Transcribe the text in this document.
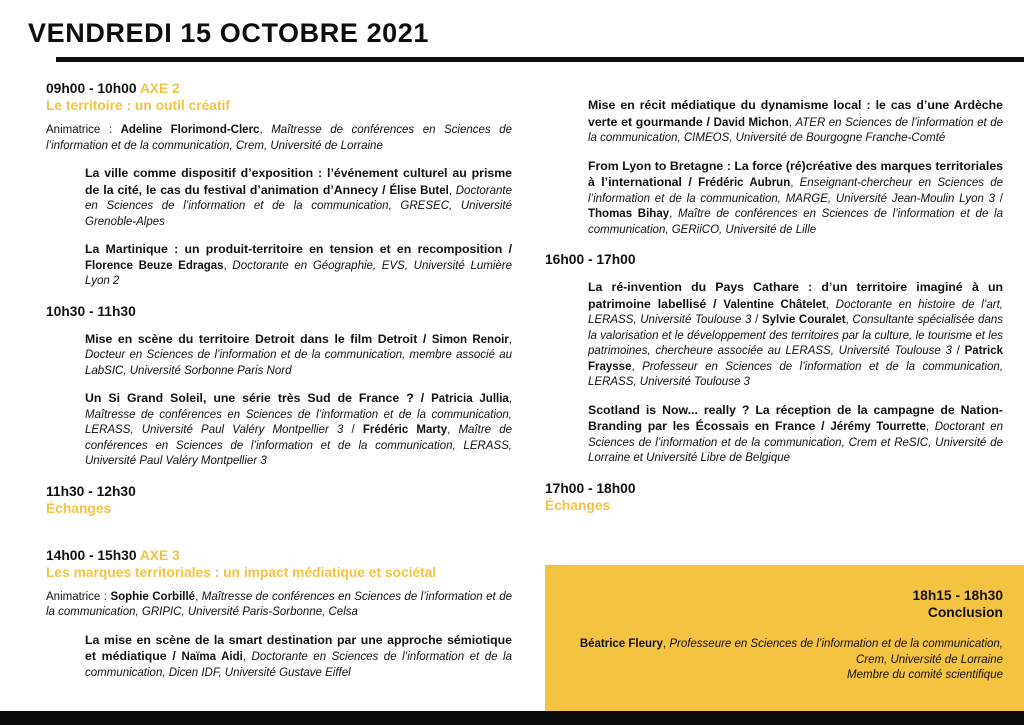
VENDREDI 15 OCTOBRE 2021
09h00 - 10h00 AXE 2
Le territoire : un outil créatif

Animatrice : Adeline Florimond-Clerc, Maîtresse de conférences en Sciences de l’information et de la communication, Crem, Université de Lorraine

La ville comme dispositif d’exposition : l’événement culturel au prisme de la cité, le cas du festival d’animation d’Annecy / Élise Butel, Doctorante en Sciences de l’information et de la communication, GRESEC, Université Grenoble-Alpes

La Martinique : un produit-territoire en tension et en recomposition / Florence Beuze Edragas, Doctorante en Géographie, EVS, Université Lumière Lyon 2

10h30 - 11h30

Mise en scène du territoire Detroit dans le film Detroit / Simon Renoir, Docteur en Sciences de l’information et de la communication, membre associé au LabSIC, Université Sorbonne Paris Nord

Un Si Grand Soleil, une série très Sud de France ? / Patricia Jullia, Maîtresse de conférences en Sciences de l’information et de la communication, LERASS, Université Paul Valéry Montpellier 3 / Frédéric Marty, Maître de conférences en Sciences de l’information et de la communication, LERASS, Université Paul Valéry Montpellier 3

11h30 - 12h30
Échanges
14h00 - 15h30 AXE 3
Les marques territoriales : un impact médiatique et sociétal

Animatrice : Sophie Corbillé, Maîtresse de conférences en Sciences de l’information et de la communication, GRIPIC, Université Paris-Sorbonne, Celsa

La mise en scène de la smart destination par une approche sémiotique et médiatique / Naïma Aidi, Doctorante en Sciences de l’information et de la communication, Dicen IDF, Université Gustave Eiffel

Mise en récit médiatique du dynamisme local : le cas d’une Ardèche verte et gourmande / David Michon, ATER en Sciences de l’information et de la communication, CIMEOS, Université de Bourgogne Franche-Comté

From Lyon to Bretagne : La force (ré)créative des marques territoriales à l’international / Frédéric Aubrun, Enseignant-chercheur en Sciences de l’information et de la communication, MARGE, Université Jean-Moulin Lyon 3 / Thomas Bihay, Maître de conférences en Sciences de l’information et de la communication, GERiiCO, Université de Lille

16h00 - 17h00

La ré-invention du Pays Cathare : d’un territoire imaginé à un patrimoine labellisé / Valentine Châtelet, Doctorante en histoire de l’art, LERASS, Université Toulouse 3 / Sylvie Couralet, Consultante spécialisée dans la valorisation et le développement des territoires par la culture, le tourisme et les patrimoines, chercheure associée au LERASS, Université Toulouse 3 / Patrick Fraysse, Professeur en Sciences de l’information et de la communication, LERASS, Université Toulouse 3

Scotland is Now... really ? La réception de la campagne de Nation-Branding par les Écossais en France / Jérémy Tourrette, Doctorant en Sciences de l’information et de la communication, Crem et ReSIC, Université de Lorraine et Université Libre de Belgique

17h00 - 18h00
Échanges
18h15 - 18h30
Conclusion

Béatrice Fleury, Professeure en Sciences de l’information et de la communication, Crem, Université de Lorraine

Membre du comité scientifique
